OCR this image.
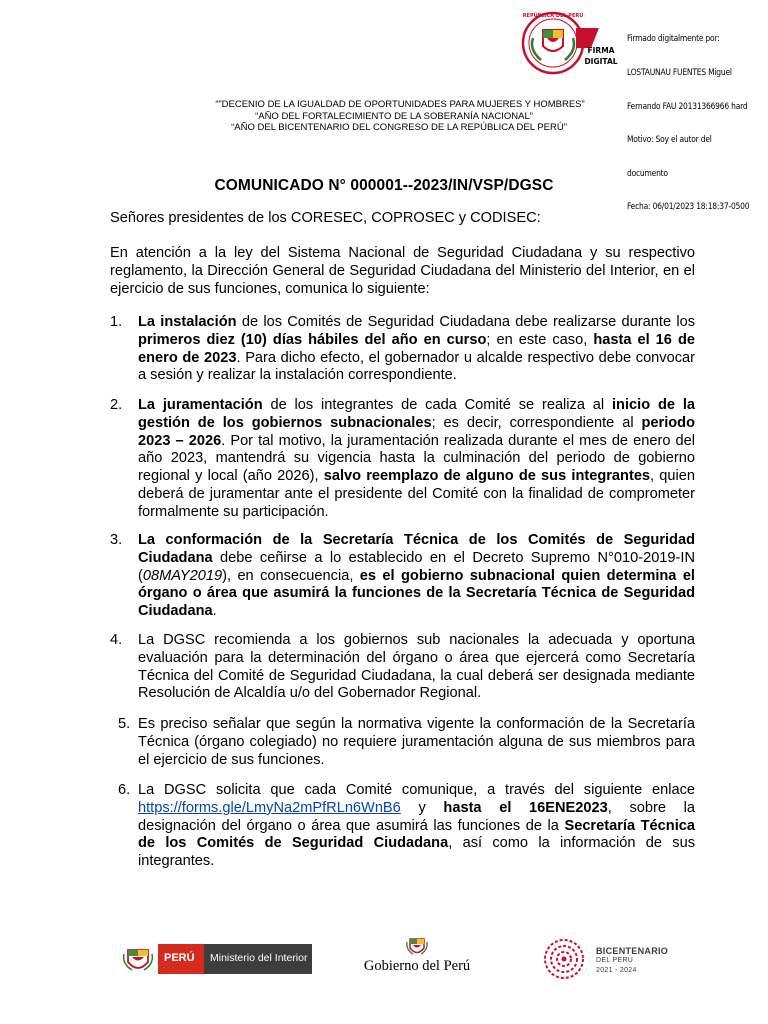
REPÚBLICA DEL PERÚ
FIRMA
DIGITAL

Firmado digitalmente por:

LOSTAUNAU FUENTES Miguel

Fernando FAU 20131366966 hard

Motivo: Soy el autor del

documento

Fecha: 06/01/2023 18:18:37-0500

“”DECENIO DE LA IGUALDAD DE OPORTUNIDADES PARA MUJERES Y HOMBRES”
“AÑO DEL FORTALECIMIENTO DE LA SOBERANÍA NACIONAL”
“AÑO DEL BICENTENARIO DEL CONGRESO DE LA REPÚBLICA DEL PERÚ”
COMUNICADO N° 000001--2023/IN/VSP/DGSC
Señores presidentes de los CORESEC, COPROSEC y CODISEC:
En atención a la ley del Sistema Nacional de Seguridad Ciudadana y su respectivo reglamento, la Dirección General de Seguridad Ciudadana del Ministerio del Interior, en el ejercicio de sus funciones, comunica lo siguiente:
1. La instalación de los Comités de Seguridad Ciudadana debe realizarse durante los primeros diez (10) días hábiles del año en curso; en este caso, hasta el 16 de enero de 2023. Para dicho efecto, el gobernador u alcalde respectivo debe convocar a sesión y realizar la instalación correspondiente.
2. La juramentación de los integrantes de cada Comité se realiza al inicio de la gestión de los gobiernos subnacionales; es decir, correspondiente al periodo 2023 – 2026. Por tal motivo, la juramentación realizada durante el mes de enero del año 2023, mantendrá su vigencia hasta la culminación del periodo de gobierno regional y local (año 2026), salvo reemplazo de alguno de sus integrantes, quien deberá de juramentar ante el presidente del Comité con la finalidad de comprometer formalmente su participación.
3. La conformación de la Secretaría Técnica de los Comités de Seguridad Ciudadana debe ceñirse a lo establecido en el Decreto Supremo N°010-2019-IN (08MAY2019), en consecuencia, es el gobierno subnacional quien determina el órgano o área que asumirá la funciones de la Secretaría Técnica de Seguridad Ciudadana.
4. La DGSC recomienda a los gobiernos sub nacionales la adecuada y oportuna evaluación para la determinación del órgano o área que ejercerá como Secretaría Técnica del Comité de Seguridad Ciudadana, la cual deberá ser designada mediante Resolución de Alcaldía u/o del Gobernador Regional.
5. Es preciso señalar que según la normativa vigente la conformación de la Secretaría Técnica (órgano colegiado) no requiere juramentación alguna de sus miembros para el ejercicio de sus funciones.
6. La DGSC solicita que cada Comité comunique, a través del siguiente enlace https://forms.gle/LmyNa2mPfRLn6WnB6 y hasta el 16ENE2023, sobre la designación del órgano o área que asumirá las funciones de la Secretaría Técnica de los Comités de Seguridad Ciudadana, así como la información de sus integrantes.
PERÚ	Ministerio del Interior	Gobierno del Perú
BICENTENARIO
DEL PERÚ
2021 - 2024
